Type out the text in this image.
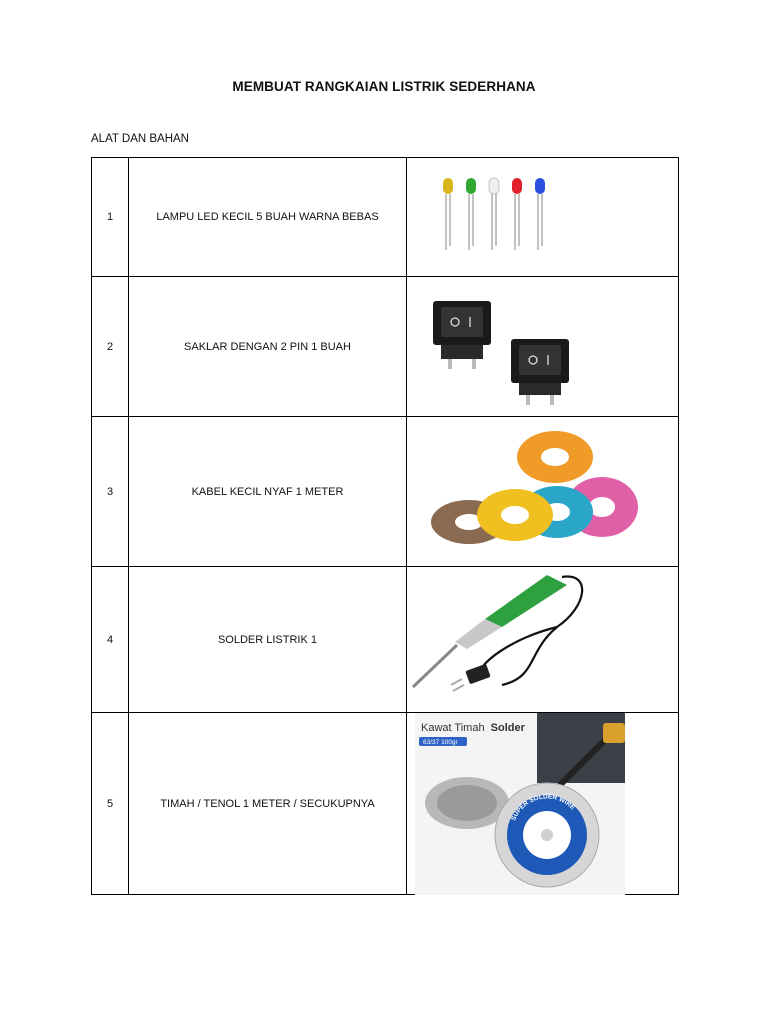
MEMBUAT RANGKAIAN LISTRIK SEDERHANA
ALAT DAN BAHAN
1	LAMPU LED KECIL 5 BUAH WARNA BEBAS	

2	SAKLAR DENGAN 2 PIN 1 BUAH	

3	KABEL KECIL NYAF 1 METER	

4	SOLDER LISTRIK 1	

5	TIMAH / TENOL 1 METER / SECUKUPNYA	Kawat Timah Solder
63/37 100gr
SUPER SOLDER WIRE
